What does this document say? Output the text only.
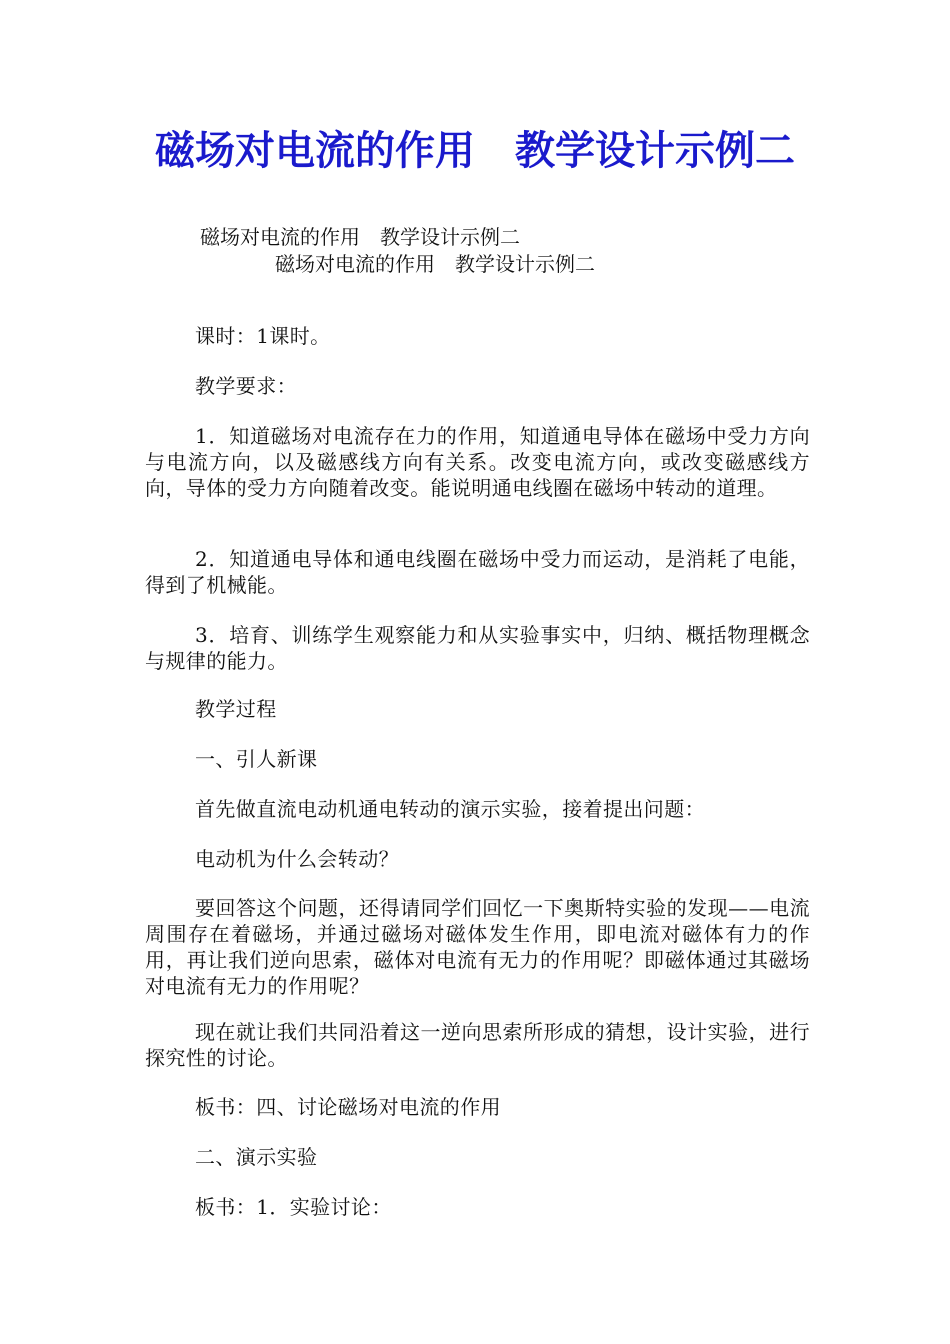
磁场对电流的作用　教学设计示例二

磁场对电流的作用　教学设计示例二

磁场对电流的作用　教学设计示例二

课时：1课时。

教学要求：

1．知道磁场对电流存在力的作用，知道通电导体在磁场中受力方向与电流方向，以及磁感线方向有关系。改变电流方向，或改变磁感线方向，导体的受力方向随着改变。能说明通电线圈在磁场中转动的道理。

2．知道通电导体和通电线圈在磁场中受力而运动，是消耗了电能，得到了机械能。

3．培育、训练学生观察能力和从实验事实中，归纳、概括物理概念与规律的能力。

教学过程

一、引人新课

首先做直流电动机通电转动的演示实验，接着提出问题：

电动机为什么会转动？

要回答这个问题，还得请同学们回忆一下奥斯特实验的发现——电流周围存在着磁场，并通过磁场对磁体发生作用，即电流对磁体有力的作用，再让我们逆向思索，磁体对电流有无力的作用呢？即磁体通过其磁场对电流有无力的作用呢？

现在就让我们共同沿着这一逆向思索所形成的猜想，设计实验，进行探究性的讨论。

板书：四、讨论磁场对电流的作用

二、演示实验

板书：1．实验讨论：
